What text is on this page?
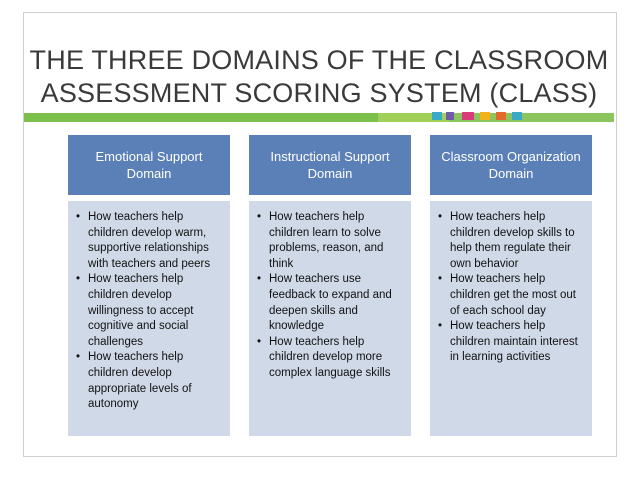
THE THREE DOMAINS OF THE CLASSROOM
ASSESSMENT SCORING SYSTEM (CLASS)
Emotional Support Domain
• How teachers help children develop warm, supportive relationships with teachers and peers
• How teachers help children develop willingness to accept cognitive and social challenges
• How teachers help children develop appropriate levels of autonomy
Instructional Support Domain
• How teachers help children learn to solve problems, reason, and think
• How teachers use feedback to expand and deepen skills and knowledge
• How teachers help children develop more complex language skills
Classroom Organization Domain
• How teachers help children develop skills to help them regulate their own behavior
• How teachers help children get the most out of each school day
• How teachers help children maintain interest in learning activities
